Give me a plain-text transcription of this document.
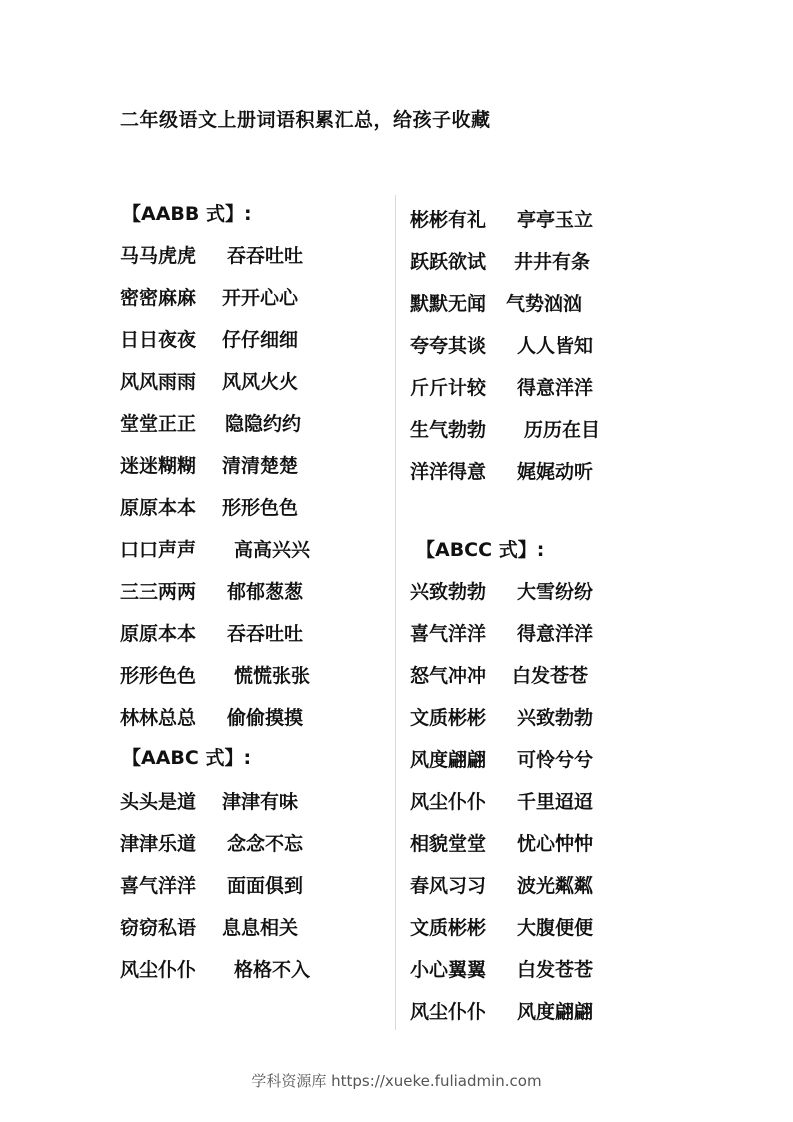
二年级语文上册词语积累汇总，给孩子收藏
【AABB 式】:
马马虎虎 吞吞吐吐
密密麻麻 开开心心
日日夜夜 仔仔细细
风风雨雨 风风火火
堂堂正正 隐隐约约
迷迷糊糊 清清楚楚
原原本本 形形色色
口口声声 高高兴兴
三三两两 郁郁葱葱
原原本本 吞吞吐吐
形形色色 慌慌张张
林林总总 偷偷摸摸
【AABC 式】:
头头是道 津津有味
津津乐道 念念不忘
喜气洋洋 面面俱到
窃窃私语 息息相关
风尘仆仆 格格不入
彬彬有礼 亭亭玉立
跃跃欲试 井井有条
默默无闻 气势汹汹
夸夸其谈 人人皆知
斤斤计较 得意洋洋
生气勃勃 历历在目
洋洋得意 娓娓动听
【ABCC 式】:
兴致勃勃 大雪纷纷
喜气洋洋 得意洋洋
怒气冲冲 白发苍苍
文质彬彬 兴致勃勃
风度翩翩 可怜兮兮
风尘仆仆 千里迢迢
相貌堂堂 忧心忡忡
春风习习 波光粼粼
文质彬彬 大腹便便
小心翼翼 白发苍苍
风尘仆仆 风度翩翩
学科资源库 https://xueke.fuliadmin.com
